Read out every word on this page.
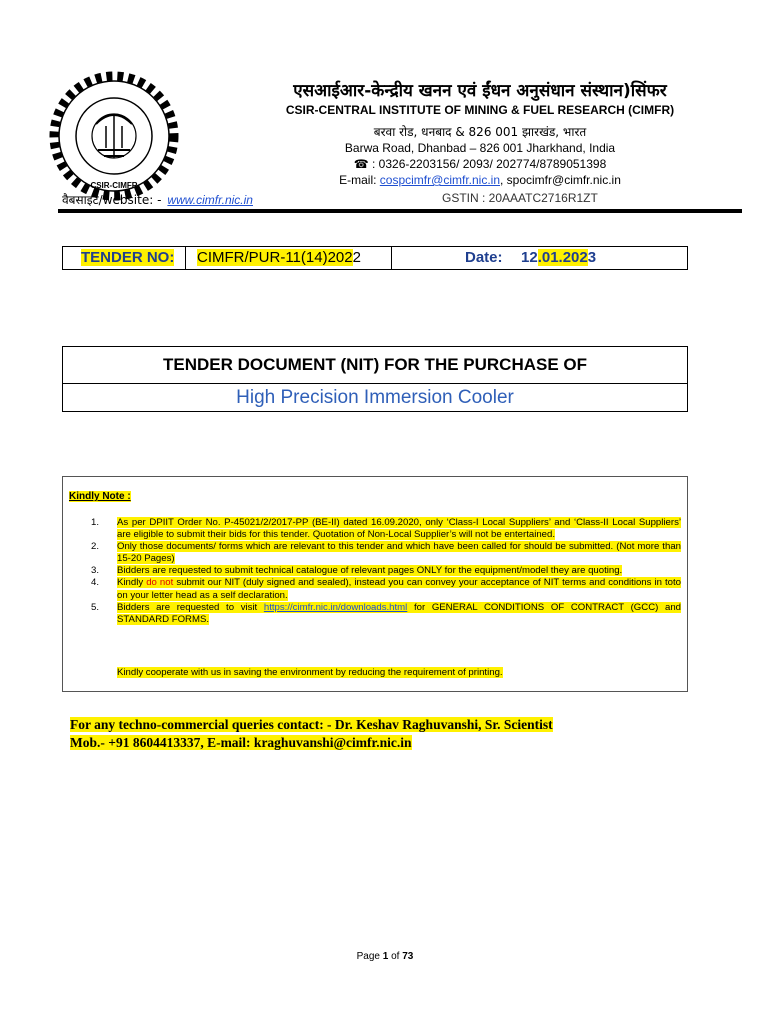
CSIR-CIMFR
एसआईआर-केन्द्रीय खनन एवं ईंधन अनुसंधान संस्थान)सिंफर
CSIR-CENTRAL INSTITUTE OF MINING & FUEL RESEARCH (CIMFR)
बरवा रोड, धनबाद & 826 001 झारखंड, भारत
Barwa Road, Dhanbad – 826 001 Jharkhand, India
☎ : 0326-2203156/ 2093/ 202774/8789051398
E-mail: cospcimfr@cimfr.nic.in, spocimfr@cimfr.nic.in
वैबसाइट/website: - www.cimfr.nic.in	GSTIN : 20AAATC2716R1ZT
TENDER NO: CIMFR/PUR-11(14)2022	Date: 12.01.2023
TENDER DOCUMENT (NIT) FOR THE PURCHASE OF
High Precision Immersion Cooler
Kindly Note :
1. As per DPIIT Order No. P-45021/2/2017-PP (BE-II) dated 16.09.2020, only ‘Class-I Local Suppliers’ and ‘Class-II Local Suppliers’ are eligible to submit their bids for this tender. Quotation of Non-Local Supplier’s will not be entertained.
2. Only those documents/ forms which are relevant to this tender and which have been called for should be submitted. (Not more than 15-20 Pages)
3. Bidders are requested to submit technical catalogue of relevant pages ONLY for the equipment/model they are quoting.
4. Kindly do not submit our NIT (duly signed and sealed), instead you can convey your acceptance of NIT terms and conditions in toto on your letter head as a self declaration.
5. Bidders are requested to visit https://cimfr.nic.in/downloads.html for GENERAL CONDITIONS OF CONTRACT (GCC) and STANDARD FORMS.
Kindly cooperate with us in saving the environment by reducing the requirement of printing.
For any techno-commercial queries contact: - Dr. Keshav Raghuvanshi, Sr. Scientist
Mob.- +91 8604413337, E-mail: kraghuvanshi@cimfr.nic.in
Page 1 of 73
